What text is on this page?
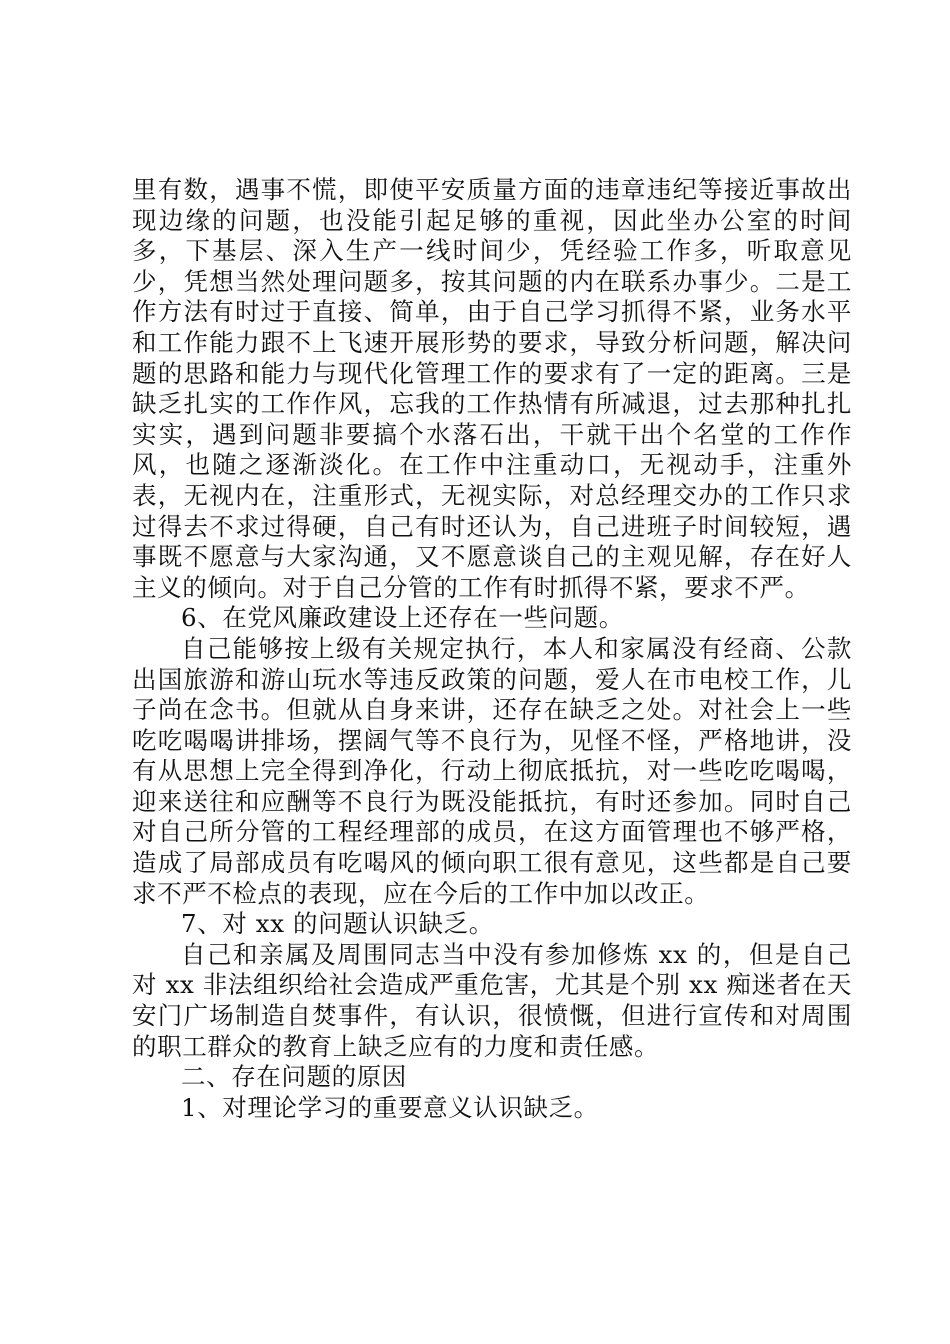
里有数，遇事不慌，即使平安质量方面的违章违纪等接近事故出现边缘的问题，也没能引起足够的重视，因此坐办公室的时间多，下基层、深入生产一线时间少，凭经验工作多，听取意见少，凭想当然处理问题多，按其问题的内在联系办事少。二是工作方法有时过于直接、简单，由于自己学习抓得不紧，业务水平和工作能力跟不上飞速开展形势的要求，导致分析问题，解决问题的思路和能力与现代化管理工作的要求有了一定的距离。三是缺乏扎实的工作作风，忘我的工作热情有所减退，过去那种扎扎实实，遇到问题非要搞个水落石出，干就干出个名堂的工作作风，也随之逐渐淡化。在工作中注重动口，无视动手，注重外表，无视内在，注重形式，无视实际，对总经理交办的工作只求过得去不求过得硬，自己有时还认为，自己进班子时间较短，遇事既不愿意与大家沟通，又不愿意谈自己的主观见解，存在好人主义的倾向。对于自己分管的工作有时抓得不紧，要求不严。

6、在党风廉政建设上还存在一些问题。

自己能够按上级有关规定执行，本人和家属没有经商、公款出国旅游和游山玩水等违反政策的问题，爱人在市电校工作，儿子尚在念书。但就从自身来讲，还存在缺乏之处。对社会上一些吃吃喝喝讲排场，摆阔气等不良行为，见怪不怪，严格地讲，没有从思想上完全得到净化，行动上彻底抵抗，对一些吃吃喝喝，迎来送往和应酬等不良行为既没能抵抗，有时还参加。同时自己对自己所分管的工程经理部的成员，在这方面管理也不够严格，造成了局部成员有吃喝风的倾向职工很有意见，这些都是自己要求不严不检点的表现，应在今后的工作中加以改正。

7、对 xx 的问题认识缺乏。

自己和亲属及周围同志当中没有参加修炼 xx 的，但是自己对 xx 非法组织给社会造成严重危害，尤其是个别 xx 痴迷者在天安门广场制造自焚事件，有认识，很愤慨，但进行宣传和对周围的职工群众的教育上缺乏应有的力度和责任感。

二、存在问题的原因

1、对理论学习的重要意义认识缺乏。
